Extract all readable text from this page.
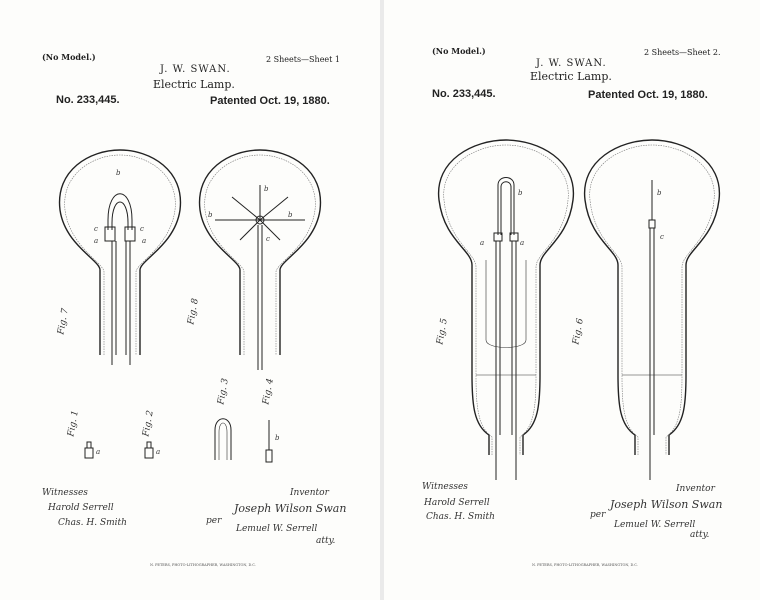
(No Model.)	2 Sheets—Sheet 1
J. W. SWAN.
Electric Lamp.
No. 233,445.	Patented Oct. 19, 1880.
b
c	c
a	a
b
b	b
c
Fig. 7	Fig. 8
Fig. 3	Fig. 4
Fig. 1	Fig. 2
a	a
b
Witnesses
Harold Serrell
Chas. H. Smith
Inventor
Joseph Wilson Swan
per
Lemuel W. Serrell
atty.
N. PETERS, PHOTO-LITHOGRAPHER, WASHINGTON, D.C.
(No Model.)	2 Sheets—Sheet 2.
J. W. SWAN.
Electric Lamp.
No. 233,445.	Patented Oct. 19, 1880.
b
a	a
b
c
Fig. 5	Fig. 6
Witnesses
Harold Serrell
Chas. H. Smith
Inventor
Joseph Wilson Swan
per
Lemuel W. Serrell
atty.
N. PETERS, PHOTO-LITHOGRAPHER, WASHINGTON, D.C.
